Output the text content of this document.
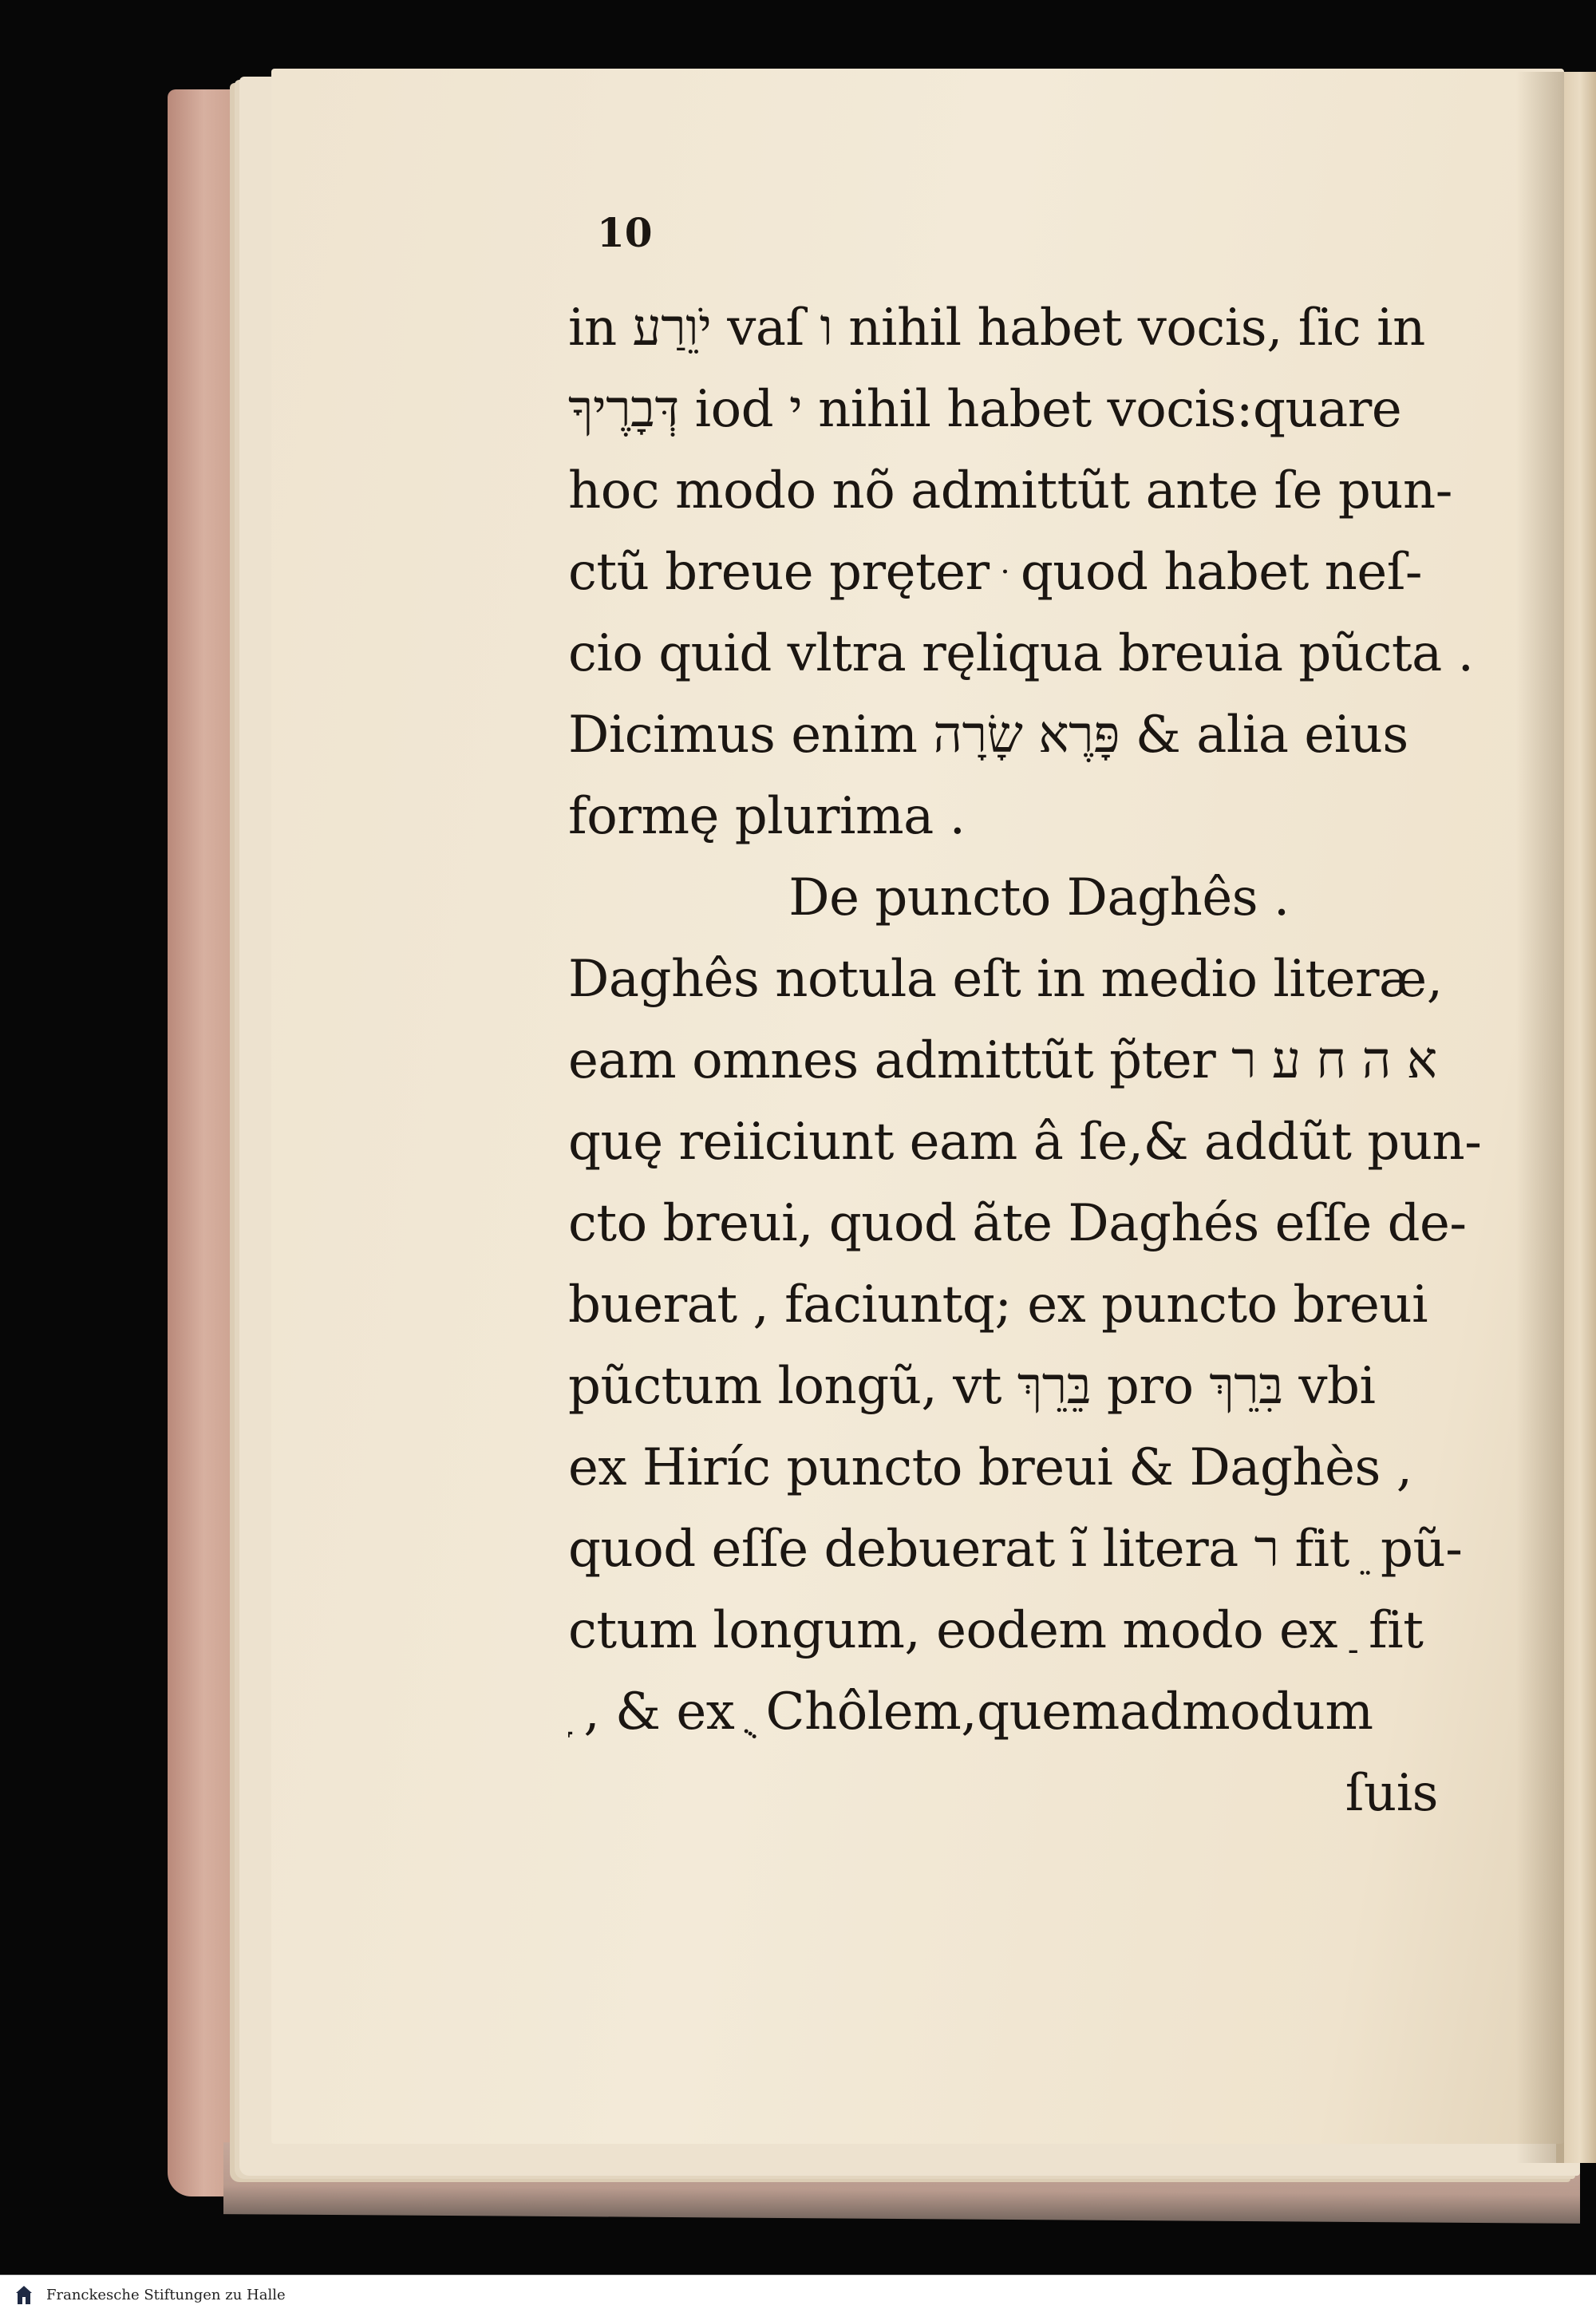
10
in יֹוֵרַע vaſ ו nihil habet vocis, ſic in
דְּבָרֶיךָ iod י nihil habet vocis:quare
hoc modo nõ admittũt ante ſe pun-
ctũ breue pręter ּ quod habet neſ-
cio quid vltra ręliqua breuia pũcta .
Dicimus enim פָּרֶא שָׂרָה & alia eius
formę plurima .
De puncto Daghês .
Daghês notula eſt in medio literæ,
eam omnes admittũt p̃ter א ה ח ע ר
quę reiiciunt eam â ſe,& addũt pun-
cto breui, quod ãte Daghés eſſe de-
buerat , faciuntq; ex puncto breui
pũctum longũ, vt בֵּרֵךְ pro בִּרֵךְ vbi
ex Hiríc puncto breui & Daghès ,
quod eſſe debuerat ĩ litera ר fit ֵ pũ-
ctum longum, eodem modo ex ַ fit
ָ , & ex ֻ Chôlem,quemadmodum
ſuis
Franckesche Stiftungen zu Halle
